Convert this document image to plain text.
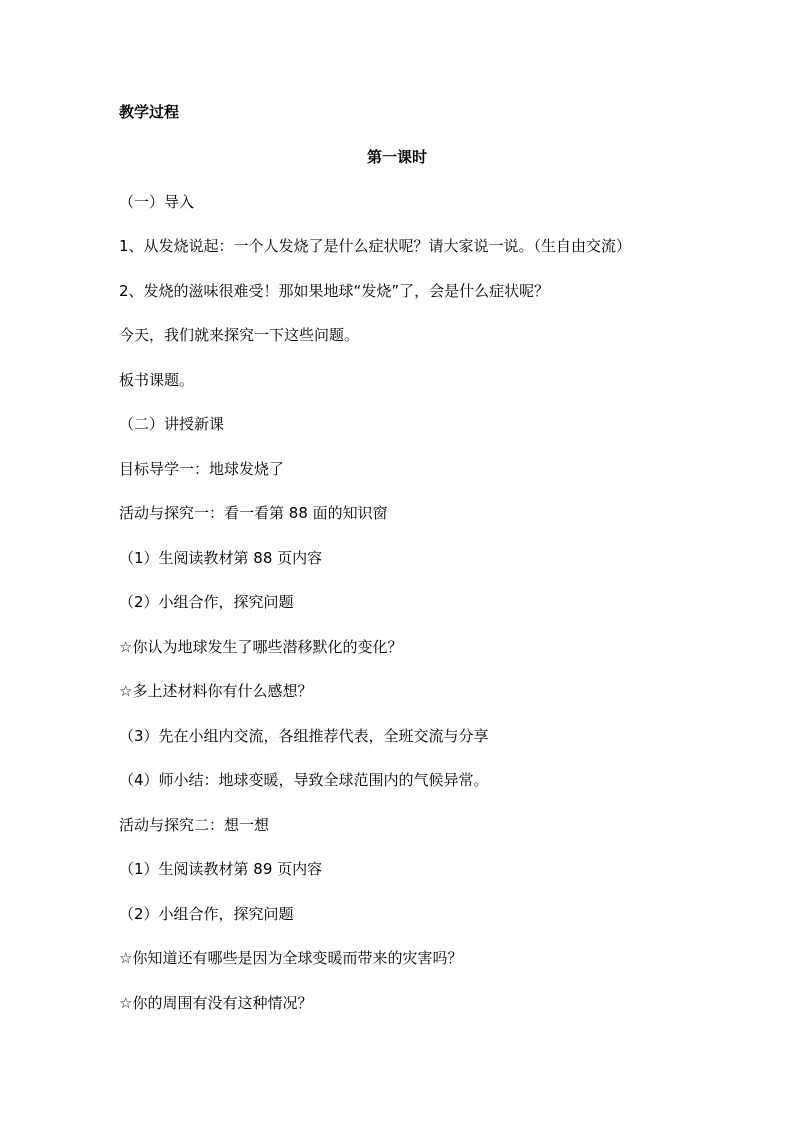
教学过程
第一课时
（一）导入
1、从发烧说起：一个人发烧了是什么症状呢？请大家说一说。（生自由交流）
2、发烧的滋味很难受！那如果地球“发烧”了，会是什么症状呢？
今天，我们就来探究一下这些问题。
板书课题。
（二）讲授新课
目标导学一：地球发烧了
活动与探究一：看一看第 88 面的知识窗
（1）生阅读教材第 88 页内容
（2）小组合作，探究问题
☆你认为地球发生了哪些潜移默化的变化？
☆多上述材料你有什么感想？
（3）先在小组内交流，各组推荐代表，全班交流与分享
（4）师小结：地球变暖，导致全球范围内的气候异常。
活动与探究二：想一想
（1）生阅读教材第 89 页内容
（2）小组合作，探究问题
☆你知道还有哪些是因为全球变暖而带来的灾害吗？
☆你的周围有没有这种情况？
